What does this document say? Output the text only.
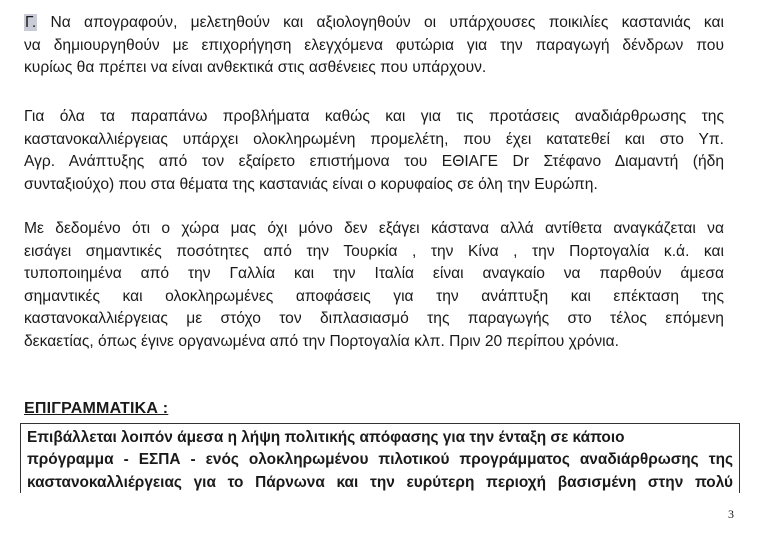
Γ. Να απογραφούν, μελετηθούν και αξιολογηθούν οι υπάρχουσες ποικιλίες καστανιάς και
να δημιουργηθούν με επιχορήγηση ελεγχόμενα φυτώρια για την παραγωγή δένδρων που
κυρίως θα πρέπει να είναι ανθεκτικά στις ασθένειες που υπάρχουν.
Για όλα τα παραπάνω προβλήματα καθώς και για τις προτάσεις αναδιάρθρωσης της
καστανοκαλλιέργειας υπάρχει ολοκληρωμένη προμελέτη, που έχει κατατεθεί και στο Υπ.
Αγρ. Ανάπτυξης από τον εξαίρετο επιστήμονα του ΕΘΙΑΓΕ Dr Στέφανο Διαμαντή (ήδη
συνταξιούχο) που στα θέματα της καστανιάς είναι ο κορυφαίος σε όλη την Ευρώπη.
Με δεδομένο ότι ο χώρα μας όχι μόνο δεν εξάγει κάστανα αλλά αντίθετα αναγκάζεται να
εισάγει σημαντικές ποσότητες από την Τουρκία , την Κίνα , την Πορτογαλία κ.ά. και
τυποποιημένα από την Γαλλία και την Ιταλία είναι αναγκαίο να παρθούν άμεσα
σημαντικές και ολοκληρωμένες αποφάσεις για την ανάπτυξη και επέκταση της
καστανοκαλλιέργειας με στόχο τον διπλασιασμό της παραγωγής στο τέλος επόμενη
δεκαετίας, όπως έγινε οργανωμένα από την Πορτογαλία κλπ. Πριν 20 περίπου χρόνια.
ΕΠΙΓΡΑΜΜΑΤΙΚΑ :
Επιβάλλεται λοιπόν άμεσα η λήψη πολιτικής απόφασης για την ένταξη σε κάποιο
πρόγραμμα - ΕΣΠΑ - ενός ολοκληρωμένου πιλοτικού προγράμματος αναδιάρθρωσης της
καστανοκαλλιέργειας για το Πάρνωνα και την ευρύτερη περιοχή βασισμένη στην πολύ
3
